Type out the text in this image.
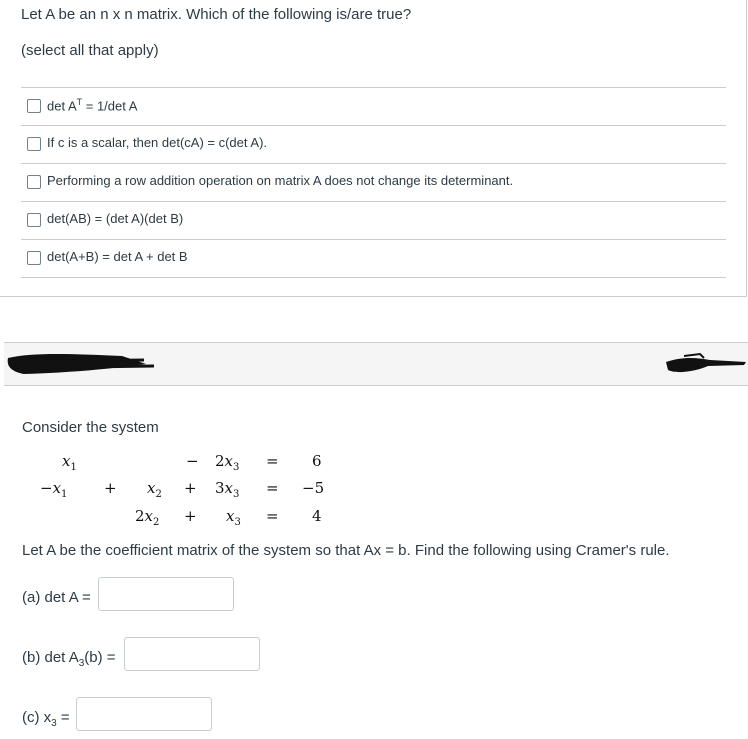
Let A be an n x n matrix. Which of the following is/are true?
(select all that apply)
$\det A^T = 1/\det$ A
If c is a scalar, then det(cA) = c(det A).
Performing a row addition operation on matrix A does not change its determinant.
det(AB) = (det A)(det B)
det(A+B) = det A + det B
Consider the system
$x_1$	− $2x_3 = 6$
$-x_1 + x_2 + 3x_3 = -5$
$2x_2 + x_3 = 4$
Let A be the coefficient matrix of the system so that Ax = b. Find the following using Cramer's rule.
(a) det A =
(b) $\det A_3(b)$ =
(c) $x_3$ =
